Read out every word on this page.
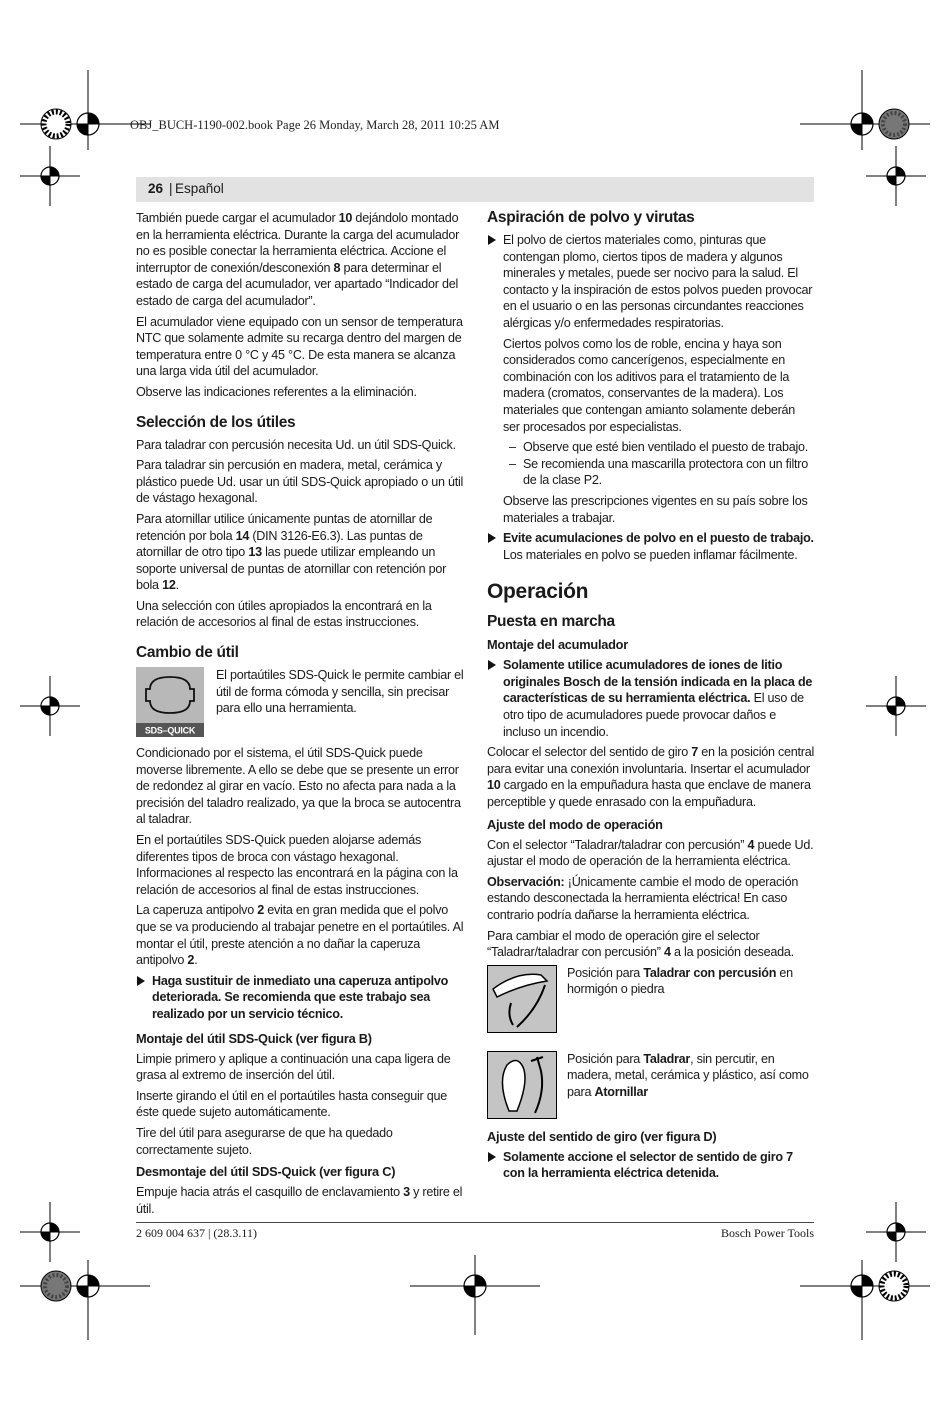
OBJ_BUCH-1190-002.book Page 26 Monday, March 28, 2011 10:25 AM
26 | Español

También puede cargar el acumulador 10 dejándolo montado en la herramienta eléctrica. Durante la carga del acumulador no es posible conectar la herramienta eléctrica. Accione el interruptor de conexión/desconexión 8 para determinar el estado de carga del acumulador, ver apartado “Indicador del estado de carga del acumulador”.

El acumulador viene equipado con un sensor de temperatura NTC que solamente admite su recarga dentro del margen de temperatura entre 0 °C y 45 °C. De esta manera se alcanza una larga vida útil del acumulador.

Observe las indicaciones referentes a la eliminación.

Selección de los útiles

Para taladrar con percusión necesita Ud. un útil SDS-Quick.

Para taladrar sin percusión en madera, metal, cerámica y plástico puede Ud. usar un útil SDS-Quick apropiado o un útil de vástago hexagonal.

Para atornillar utilice únicamente puntas de atornillar de retención por bola 14 (DIN 3126-E6.3). Las puntas de atornillar de otro tipo 13 las puede utilizar empleando un soporte universal de puntas de atornillar con retención por bola 12.

Una selección con útiles apropiados la encontrará en la relación de accesorios al final de estas instrucciones.

Cambio de útil
SDS–QUICK
El portaútiles SDS-Quick le permite cambiar el útil de forma cómoda y sencilla, sin precisar para ello una herramienta.

Condicionado por el sistema, el útil SDS-Quick puede moverse libremente. A ello se debe que se presente un error de redondez al girar en vacío. Esto no afecta para nada a la precisión del taladro realizado, ya que la broca se autocentra al taladrar.

En el portaútiles SDS-Quick pueden alojarse además diferentes tipos de broca con vástago hexagonal. Informaciones al respecto las encontrará en la página con la relación de accesorios al final de estas instrucciones.

La caperuza antipolvo 2 evita en gran medida que el polvo que se va produciendo al trabajar penetre en el portaútiles. Al montar el útil, preste atención a no dañar la caperuza antipolvo 2.

Haga sustituir de inmediato una caperuza antipolvo deteriorada. Se recomienda que este trabajo sea realizado por un servicio técnico.
Montaje del útil SDS-Quick (ver figura B)

Limpie primero y aplique a continuación una capa ligera de grasa al extremo de inserción del útil.

Inserte girando el útil en el portaútiles hasta conseguir que éste quede sujeto automáticamente.

Tire del útil para asegurarse de que ha quedado correctamente sujeto.

Desmontaje del útil SDS-Quick (ver figura C)

Empuje hacia atrás el casquillo de enclavamiento 3 y retire el útil.

Aspiración de polvo y virutas
El polvo de ciertos materiales como, pinturas que contengan plomo, ciertos tipos de madera y algunos minerales y metales, puede ser nocivo para la salud. El contacto y la inspiración de estos polvos pueden provocar en el usuario o en las personas circundantes reacciones alérgicas y/o enfermedades respiratorias.

Ciertos polvos como los de roble, encina y haya son considerados como cancerígenos, especialmente en combinación con los aditivos para el tratamiento de la madera (cromatos, conservantes de la madera). Los materiales que contengan amianto solamente deberán ser procesados por especialistas.

– Observe que esté bien ventilado el puesto de trabajo.
– Se recomienda una mascarilla protectora con un filtro de la clase P2.

Observe las prescripciones vigentes en su país sobre los materiales a trabajar.

Evite acumulaciones de polvo en el puesto de trabajo.
Los materiales en polvo se pueden inflamar fácilmente.
Operación
Puesta en marcha
Montaje del acumulador
Solamente utilice acumuladores de iones de litio originales Bosch de la tensión indicada en la placa de características de su herramienta eléctrica. El uso de otro tipo de acumuladores puede provocar daños e incluso un incendio.

Colocar el selector del sentido de giro 7 en la posición central para evitar una conexión involuntaria. Insertar el acumulador 10 cargado en la empuñadura hasta que enclave de manera perceptible y quede enrasado con la empuñadura.

Ajuste del modo de operación

Con el selector “Taladrar/taladrar con percusión” 4 puede Ud. ajustar el modo de operación de la herramienta eléctrica.

Observación: ¡Únicamente cambie el modo de operación estando desconectada la herramienta eléctrica! En caso contrario podría dañarse la herramienta eléctrica.

Para cambiar el modo de operación gire el selector “Taladrar/taladrar con percusión” 4 a la posición deseada.

Posición para Taladrar con percusión en hormigón o piedra
Posición para Taladrar, sin percutir, en madera, metal, cerámica y plástico, así como para Atornillar
Ajuste del sentido de giro (ver figura D)
Solamente accione el selector de sentido de giro 7 con la herramienta eléctrica detenida.
2 609 004 637 | (28.3.11)	Bosch Power Tools
